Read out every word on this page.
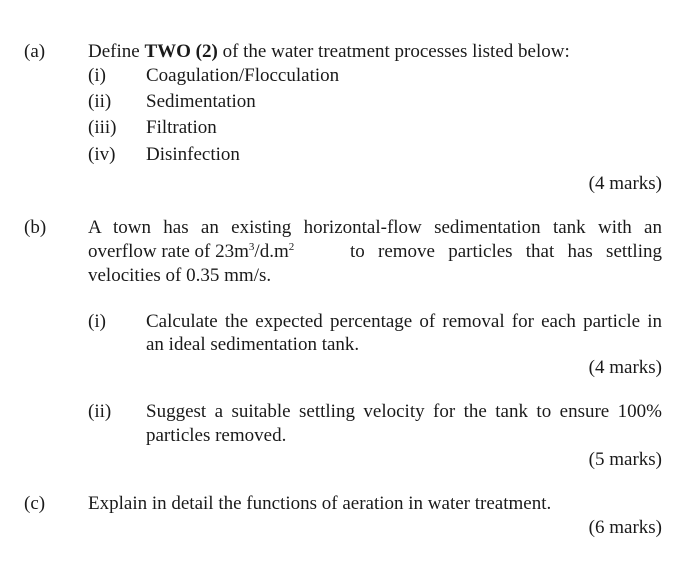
(a) Define TWO (2) of the water treatment processes listed below:
(i) Coagulation/Flocculation
(ii) Sedimentation
(iii) Filtration
(iv) Disinfection
(4 marks)
(b) A town has an existing horizontal-flow sedimentation tank with an
overflow rate of $23m^3/d.m^2$	to remove particles that has settling
velocities of 0.35 mm/s.
(i) Calculate the expected percentage of removal for each particle in
an ideal sedimentation tank.
(4 marks)
(ii) Suggest a suitable settling velocity for the tank to ensure 100%
particles removed.
(5 marks)
(c) Explain in detail the functions of aeration in water treatment.
(6 marks)
